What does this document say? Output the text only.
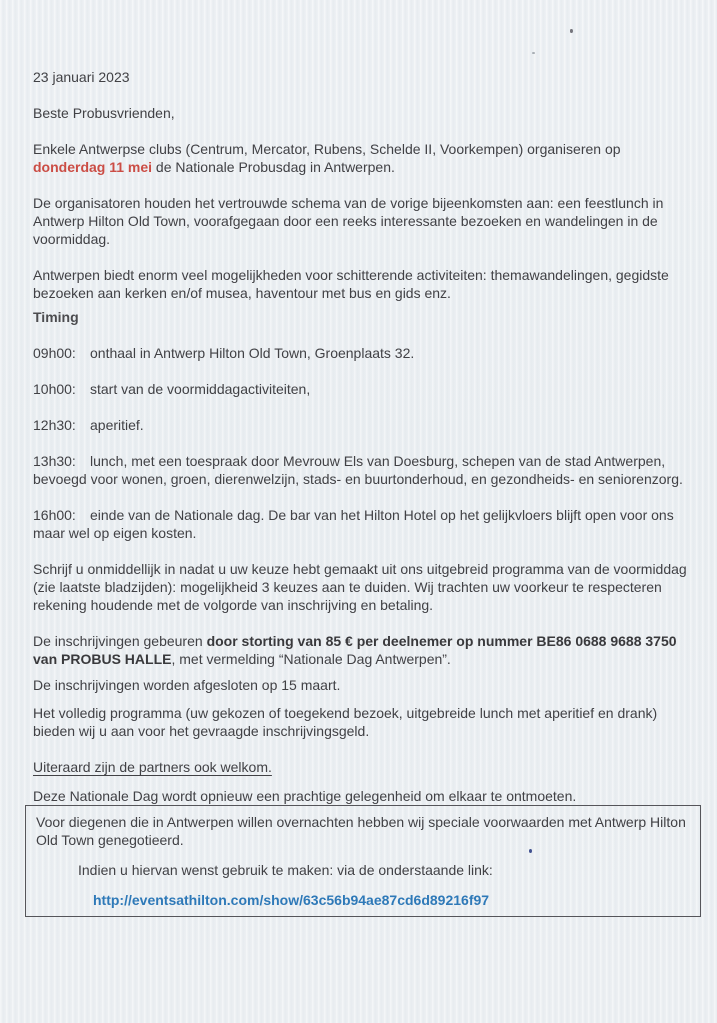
23 januari 2023

Beste Probusvrienden,

Enkele Antwerpse clubs (Centrum, Mercator, Rubens, Schelde II, Voorkempen) organiseren op donderdag 11 mei de Nationale Probusdag in Antwerpen.

De organisatoren houden het vertrouwde schema van de vorige bijeenkomsten aan: een feestlunch in Antwerp Hilton Old Town, voorafgegaan door een reeks interessante bezoeken en wandelingen in de voormiddag.

Antwerpen biedt enorm veel mogelijkheden voor schitterende activiteiten: themawandelingen, gegidste bezoeken aan kerken en/of musea, haventour met bus en gids enz.

Timing

09h00: onthaal in Antwerp Hilton Old Town, Groenplaats 32.

10h00: start van de voormiddagactiviteiten,

12h30: aperitief.

13h30: lunch, met een toespraak door Mevrouw Els van Doesburg, schepen van de stad Antwerpen, bevoegd voor wonen, groen, dierenwelzijn, stads- en buurtonderhoud, en gezondheids- en seniorenzorg.

16h00: einde van de Nationale dag. De bar van het Hilton Hotel op het gelijkvloers blijft open voor ons maar wel op eigen kosten.

Schrijf u onmiddellijk in nadat u uw keuze hebt gemaakt uit ons uitgebreid programma van de voormiddag (zie laatste bladzijden): mogelijkheid 3 keuzes aan te duiden. Wij trachten uw voorkeur te respecteren rekening houdende met de volgorde van inschrijving en betaling.

De inschrijvingen gebeuren door storting van 85 € per deelnemer op nummer BE86 0688 9688 3750 van PROBUS HALLE, met vermelding “Nationale Dag Antwerpen”.

De inschrijvingen worden afgesloten op 15 maart.

Het volledig programma (uw gekozen of toegekend bezoek, uitgebreide lunch met aperitief en drank) bieden wij u aan voor het gevraagde inschrijvingsgeld.

Uiteraard zijn de partners ook welkom.

Deze Nationale Dag wordt opnieuw een prachtige gelegenheid om elkaar te ontmoeten.

Voor diegenen die in Antwerpen willen overnachten hebben wij speciale voorwaarden met Antwerp Hilton Old Town genegotieerd.

Indien u hiervan wenst gebruik te maken: via de onderstaande link:

http://eventsathilton.com/show/63c56b94ae87cd6d89216f97
